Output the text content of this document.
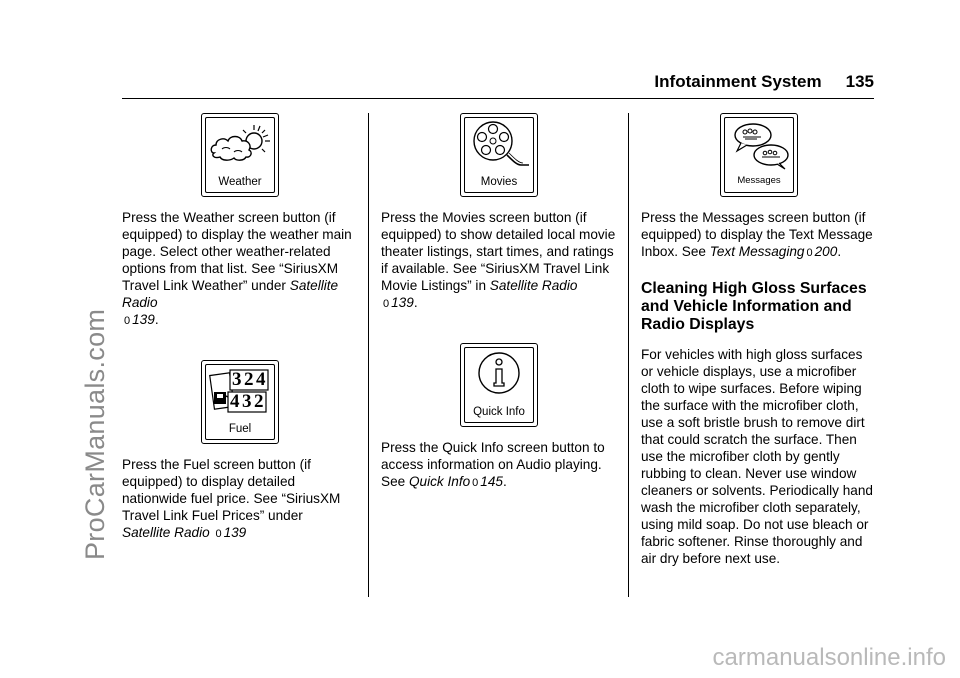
ProCarManuals.com
carmanualsonline.info
Infotainment System 135
Weather

Press the Weather screen button (if equipped) to display the weather main page. Select other weather-related options from that list. See “SiriusXM Travel Link Weather” under Satellite Radio
0 139.

3 2 4
4 3 2
Fuel

Press the Fuel screen button (if equipped) to display detailed nationwide fuel price. See “SiriusXM Travel Link Fuel Prices” under
Satellite Radio 0 139

Movies

Press the Movies screen button (if equipped) to show detailed local movie theater listings, start times, and ratings if available. See “SiriusXM Travel Link Movie Listings” in Satellite Radio 0 139.

Quick Info

Press the Quick Info screen button to access information on Audio playing. See Quick Info 0 145.

Messages

Press the Messages screen button (if equipped) to display the Text Message Inbox. See Text Messaging 0 200.

Cleaning High Gloss Surfaces and Vehicle Information and Radio Displays

For vehicles with high gloss surfaces or vehicle displays, use a microfiber cloth to wipe surfaces. Before wiping the surface with the microfiber cloth, use a soft bristle brush to remove dirt that could scratch the surface. Then use the microfiber cloth by gently rubbing to clean. Never use window cleaners or solvents. Periodically hand wash the microfiber cloth separately, using mild soap. Do not use bleach or fabric softener. Rinse thoroughly and air dry before next use.
